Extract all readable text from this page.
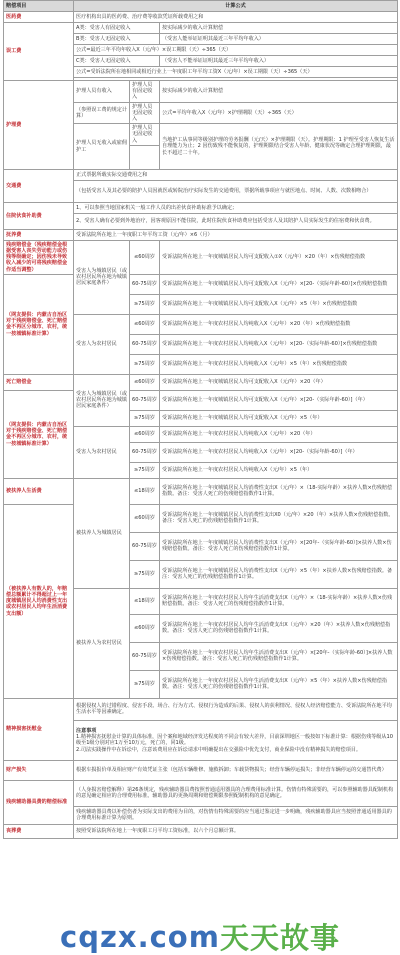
赔偿项目	计算公式		
医药费	医疗机构出具的医药费、治疗费等收款凭证所载费用之和		
误工费	A类：受害人有固定收入		按实际减少的收入计算赔偿
	B类：受害人无固定收入		（受害人能举证证明其最近三年平均年收入）
	公式=最近三年平均年收入X（元/年）×误工期限（天）÷365（天）		
	C类：受害人无固定收入		（受害人不能举证证明其最近三年平均年收入）
	公式=受诉法院所在地相同或相近行业上一年度职工年平均工资X（元/年）×误工期限（天）÷365（天）		

护理费	护理人员有收入	护理人员有固定收入	按实际减少的收入计算赔偿
	（参照误工费的规定计算）	护理人员无固定收入	公式=平均年收入X（元/年）×护理期限（天）÷365（天）
	护理人员无收入或雇佣护工	护理人员无固定收入	当地护工从事同等级别护理的劳务报酬（元/天）×护理期限（天）。护理期限：1 护理至受害人恢复生活自理能力为止；2 因伤致残不能恢复的，护理期限结合受害人年龄、健康状况等确定合理护理期限，最长不超过二十年。

交通费	正式票据所载实际交通费用之和		
	（包括受害人及其必要的陪护人员因就医或转院治疗实际发生的交通费用，票据所载事项应与就医地点、时间、人数、次数相吻合）		
住院伙食补助费	1、可以参照当地国家机关一般工作人员的出差伙食补助标准予以确定；		
	2、受害人确有必要到外地治疗，因客观原因不能住院，此时住院伙食补助费应包括受害人及其陪护人员实际发生的住宿费和伙食费。		
抚养费	受诉法院所在地上一年度职工年平均工资（元/年）×6（月）		
残疾赔偿金（残疾赔偿金根据受害人丧失劳动能力或伤残等级确定；因伤残未导致收入减少的可将残疾赔偿金作适当调整）	受害人为城镇居民（或农村居民所在地为城镇居民家庭条件）	≤60周岁	受诉法院所在地上一年度城镇居民人均可支配收入①X（元/年）×20（年）×伤残赔偿指数
（网友提供：内蒙古自治区对于残疾赔偿金、死亡赔偿金不再区分城市、农村，统一按城镇标准计算）		60-75周岁	受诉法院所在地上一年度城镇居民人均可支配收入X（元/年）×[20-（实际年龄-60）]×伤残赔偿指数
		≥75周岁	受诉法院所在地上一年度城镇居民人均可支配收入X（元/年）×5（年）×伤残赔偿指数
	受害人为农村居民	≤60周岁	受诉法院所在地上一年度农村居民人均纯收入X（元/年）×20（年）×伤残赔偿指数
		60-75周岁	受诉法院所在地上一年度农村居民人均纯收入X（元/年）×[20-（实际年龄-60）]×伤残赔偿指数
		≥75周岁	受诉法院所在地上一年度农村居民人均纯收入X（元/年）×5（年）×伤残赔偿指数
死亡赔偿金	受害人为城镇居民（或农村居民所在地为城镇居民家庭条件）	≤60周岁	受诉法院所在地上一年度城镇居民人均可支配收入X（元/年）×20（年）
（网友提供：内蒙古自治区对于残疾赔偿金、死亡赔偿金不再区分城市、农村，统一按城镇标准计算）		60-75周岁	受诉法院所在地上一年度城镇居民人均可支配收入X（元/年）×[20-（实际年龄-60）]（年）
		≥75周岁	受诉法院所在地上一年度城镇居民人均可支配收入X（元/年）×5（年）
	受害人为农村居民	≤60周岁	受诉法院所在地上一年度农村居民人均纯收入X（元/年）×20（年）
		60-75周岁	受诉法院所在地上一年度农村居民人均纯收入X（元/年）×[20-（实际年龄-60）]（年）
		≥75周岁	受诉法院所在地上一年度农村居民人均纯收入X（元/年）×5（年）
被扶养人生活费	被扶养人为城镇居民	≤18周岁	受诉法院所在地上一年度城镇居民人均消费性支出X（元/年）×（18-实际年龄）×扶养人数×伤残赔偿指数。备注：受害人死亡的伤残赔偿指数作1计算。
（被扶养人有数人的，年赔偿总额累计不得超过上一年度城镇居民人均消费性支出或农村居民人均年生活消费支出额）		≤60周岁	受诉法院所在地上一年度城镇居民人均消费性支出X0（元/年）×20（年）×扶养人数×伤残赔偿指数。备注：受害人死亡的伤残赔偿指数作1计算。
		60-75周岁	受诉法院所在地上一年度城镇居民人均消费性支出X（元/年）×[20年-（实际年龄-60）]×扶养人数×伤残赔偿指数。备注：受害人死亡的伤残赔偿指数作1计算。
		≥75周岁	受诉法院所在地上一年度城镇居民人均消费性支出X（元/年）×5（年）×扶养人数×伤残赔偿指数。备注：受害人死亡的伤残赔偿指数作1计算。
	被扶养人为农村居民	≤18周岁	受诉法院所在地上一年度农村居民人均年生活消费支出X（元/年）×（18-实际年龄）×扶养人数×伤残赔偿指数。备注：受害人死亡的伤残赔偿指数作1计算。
		≤60周岁	受诉法院所在地上一年度农村居民人均年生活消费支出X（元/年）×20（年）×扶养人数×伤残赔偿指数。备注：受害人死亡的伤残赔偿指数作1计算。
		60-75周岁	受诉法院所在地上一年度农村居民人均年生活消费支出X（元/年）×[20年-（实际年龄-60）]×扶养人数×伤残赔偿指数。备注：受害人死亡的伤残赔偿指数作1计算。
		≥75周岁	受诉法院所在地上一年度农村居民人均年生活消费支出X（元/年）×5（年）×扶养人数×伤残赔偿指数。备注：受害人死亡的伤残赔偿指数作1计算。
精神损害抚慰金	根据侵权人的过错程度、侵害手段、场合、行为方式、侵权行为造成的后果、侵权人的获利情况、侵权人经济赔偿能力、受诉法院所在地平均生活水平等因素确定。		

	注意事项
1.精神损害抚慰金计算的具体标准，因个案和地域经济发达程度的不同会有较大差异，目前深圳地区一般按如下标准计算：根据伤残等级从10级至1级分别对应1万至10万元，死亡的，同1级。
2.司法实践操作中在诉讼中，注意该费用应在诉讼请求中明确提出在交强险中优先支付，商业保险中没有精神损失的赔偿项目。		

财产损失	根据车损报价单及相应财产有效凭证主张（包括车辆维修、施救拆卸；车载货物损失；经营车辆停运损失；非经营车辆停运的交通替代费）		
残疾辅助器具费的赔偿标准	（人身损害赔偿解释）第26条规定，残疾辅助器具费按照普通适用器具的合理费用标准计算。伤情有特殊需要的，可以参照辅助器具配制机构的意见确定相应的合理费用标准。辅助器具的更换周期和赔偿期限参照配制机构的意见确定。		
	残疾辅助器具费以补偿伤者为实际支出的费用为目的，对伤情有特殊需要的应当通过鉴定进一步明确，残疾辅助器具应当按照普通适用器具的合理费用标准计算为原则。		
丧葬费	按照受诉法院所在地上一年度职工月平均工资标准，以六个月总额计算。		
cqzx.com 天天故事
